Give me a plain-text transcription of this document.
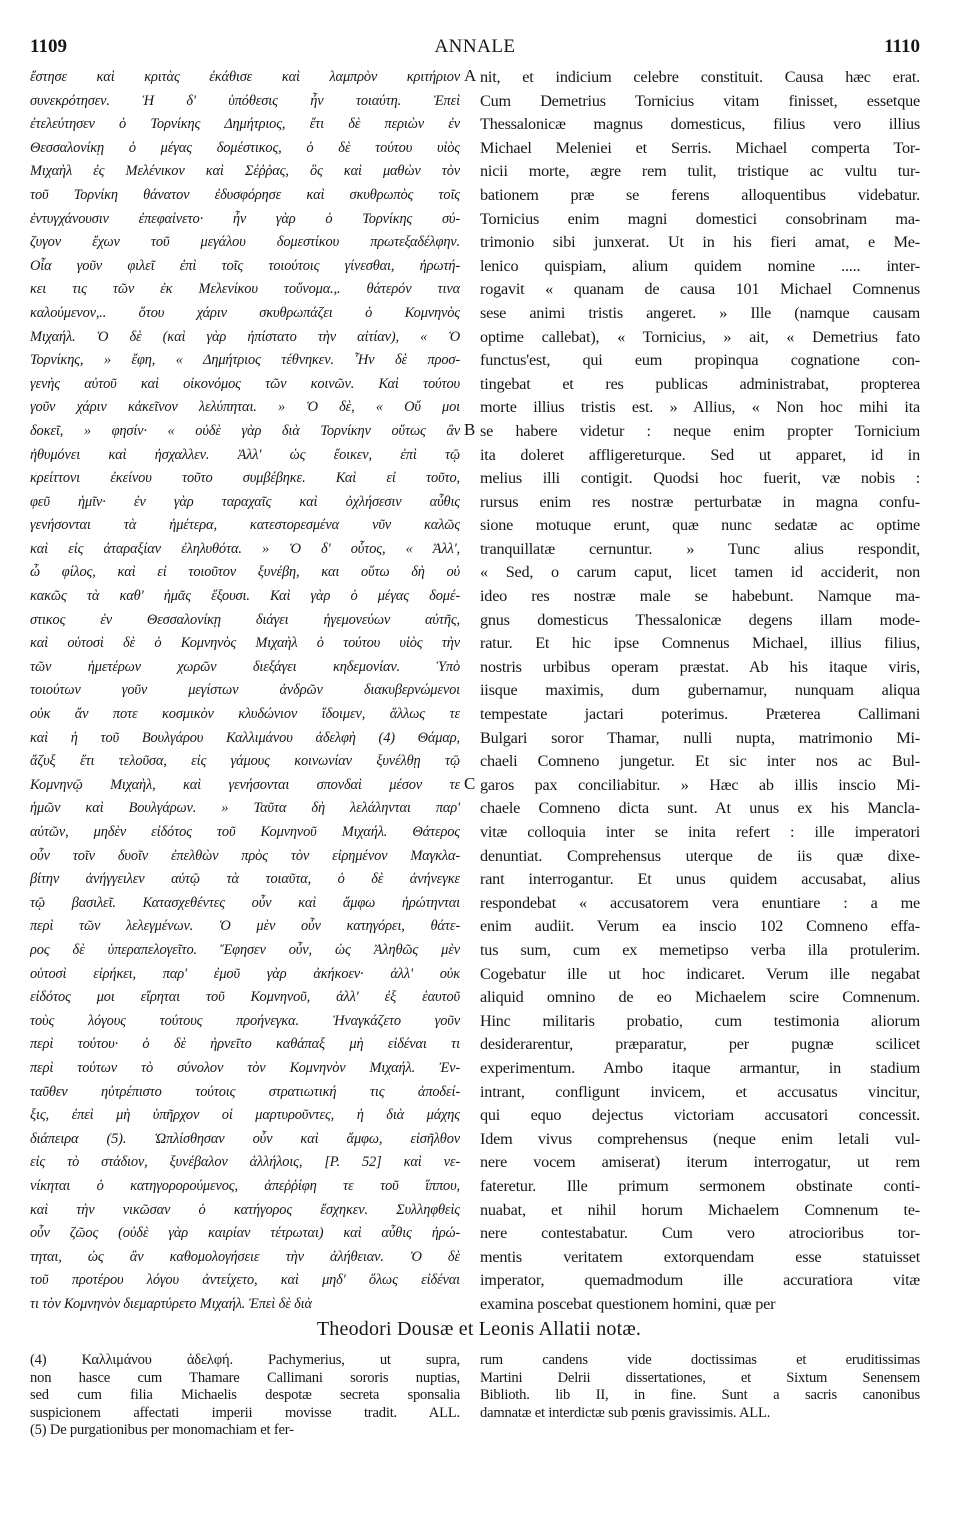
1109	ANNALE	1110
ἔστησε καὶ κριτὰς ἐκάθισε καὶ λαμπρὸν κριτήριον
συνεκρότησεν. Ἡ δ' ὑπόθεσις ἦν τοιαύτη. Ἐπεὶ
ἐτελεύτησεν ὁ Τορνίκης Δημήτριος, ἔτι δὲ περιὼν ἐν
Θεσσαλονίκῃ ὁ μέγας δομέστικος, ὁ δὲ τούτου υἱὸς
Μιχαὴλ ἐς Μελένικον καὶ Σέῤῥας, ὃς καὶ μαθὼν τὸν
τοῦ Τορνίκη θάνατον ἐδυσφόρησε καὶ σκυθρωπὸς τοῖς
ἐντυγχάνουσιν ἐπεφαίνετο· ἦν γὰρ ὁ Τορνίκης σύ-
ζυγον ἔχων τοῦ μεγάλου δομεστίκου πρωτεξαδέλφην.
Οἷα γοῦν φιλεῖ ἐπὶ τοῖς τοιούτοις γίνεσθαι, ἠρωτή-
κει τις τῶν ἐκ Μελενίκου τοὔνομα.,. θάτερόν τινα
καλούμενον,.. ὅτου χάριν σκυθρωπάζει ὁ Κομνηνὸς
Μιχαήλ. Ὁ δὲ (καὶ γὰρ ἠπίστατο τὴν αἰτίαν), « Ὁ
Τορνίκης, » ἔφη, « Δημήτριος τέθνηκεν. Ἦν δὲ προσ-
γενὴς αὐτοῦ καὶ οἰκονόμος τῶν κοινῶν. Καὶ τούτου
γοῦν χάριν κἀκεῖνον λελύπηται. » Ὁ δὲ, « Οὔ μοι
δοκεῖ, » φησίν· « οὐδὲ γὰρ διὰ Τορνίκην οὕτως ἂν
ἠθυμόνει καὶ ἠσχαλλεν. Ἀλλ' ὡς ἔοικεν, ἐπὶ τῷ
κρείττονι ἐκείνου τοῦτο συμβέβηκε. Καὶ εἰ τοῦτο,
φεῦ ἡμῖν· ἐν γὰρ ταραχαῖς καὶ ὀχλήσεσιν αὖθις
γενήσονται τὰ ἡμέτερα, κατεστορεσμένα νῦν καλῶς
καὶ εἰς ἀταραξίαν ἐληλυθότα. » Ὁ δ' οὗτος, « Ἀλλ',
ὦ φίλος, καὶ εἰ τοιοῦτον ξυνέβη, και οὕτω δὴ οὐ
κακῶς τὰ καθ' ἡμᾶς ἕξουσι. Καὶ γὰρ ὁ μέγας δομέ-
στικος ἐν Θεσσαλονίκῃ διάγει ἡγεμονεύων αὐτῆς,
καὶ οὑτοσὶ δὲ ὁ Κομνηνὸς Μιχαὴλ ὁ τούτου υἱὸς τὴν
τῶν ἡμετέρων χωρῶν διεξάγει κηδεμονίαν. Ὑπὸ
τοιούτων γοῦν μεγίστων ἀνδρῶν διακυβερνώμενοι
οὐκ ἄν ποτε κοσμικὸν κλυδώνιον ἴδοιμεν, ἄλλως τε
καὶ ἡ τοῦ Βουλγάρου Καλλιμάνου ἀδελφὴ (4) Θάμαρ,
ἄζυξ ἔτι τελοῦσα, εἰς γάμους κοινωνίαν ξυνέλθῃ τῷ
Κομνηνῷ Μιχαὴλ, καὶ γενήσονται σπονδαὶ μέσον τε
ἡμῶν καὶ Βουλγάρων. » Ταῦτα δὴ λελάληνται παρ'
αὐτῶν, μηδὲν εἰδότος τοῦ Κομνηνοῦ Μιχαήλ. Θάτερος
οὖν τοῖν δυοῖν ἐπελθὼν πρὸς τὸν εἰρημένον Μαγκλα-
βίτην ἀνήγγειλεν αὐτῷ τὰ τοιαῦτα, ὁ δὲ ἀνήνεγκε
τῷ βασιλεῖ. Κατασχεθέντες οὖν καὶ ἄμφω ἠρώτηνται
περὶ τῶν λελεγμένων. Ὁ μὲν οὖν κατηγόρει, θάτε-
ρος δὲ ὑπεραπελογεῖτο. Ἔφησεν οὖν, ὡς Ἀληθῶς μὲν
οὑτοσὶ εἰρήκει, παρ' ἐμοῦ γὰρ ἀκήκοεν· ἀλλ' οὐκ
εἰδότος μοι εἴρηται τοῦ Κομνηνοῦ, ἀλλ' ἐξ ἑαυτοῦ
τοὺς λόγους τούτους προήνεγκα. Ἠναγκάζετο γοῦν
περὶ τούτου· ὁ δὲ ἠρνεῖτο καθάπαξ μὴ εἰδέναι τι
περὶ τούτων τὸ σύνολον τὸν Κομνηνὸν Μιχαήλ. Ἐν-
ταῦθεν ηὐτρέπιστο τούτοις στρατιωτική τις ἀποδεί-
ξις, ἐπεὶ μὴ ὑπῆρχον οἱ μαρτυροῦντες, ἡ διὰ μάχης
διάπειρα (5). Ὡπλίσθησαν οὖν καὶ ἄμφω, εἰσῆλθον
εἰς τὸ στάδιον, ξυνέβαλον ἀλλήλοις, [P. 52] καὶ νε-
νίκηται ὁ κατηγορορούμενος, ἀπεῤῥίφη τε τοῦ ἵππου,
καὶ τὴν νικῶσαν ὁ κατήγορος ἔσχηκεν. Συλληφθεὶς
οὖν ζῶος (οὐδὲ γὰρ καιρίαν τέτρωται) καὶ αὖθις ἠρώ-
τηται, ὡς ἂν καθομολογήσειε τὴν ἀλήθειαν. Ὁ δὲ
τοῦ προτέρου λόγου ἀντείχετο, καὶ μηδ' ὅλως εἰδέναι
τι τὸν Κομνηνὸν διεμαρτύρετο Μιχαήλ. Ἐπεὶ δὲ διὰ
nit, et indicium celebre constituit. Causa hæc erat.
Cum Demetrius Tornicius vitam finisset, essetque
Thessalonicæ magnus domesticus, filius vero illius
Michael Meleniei et Serris. Michael comperta Tor-
nicii morte, ægre rem tulit, tristique ac vultu tur-
bationem præ se ferens alloquentibus videbatur.
Tornicius enim magni domestici consobrinam ma-
trimonio sibi junxerat. Ut in his fieri amat, e Me-
lenico quispiam, alium quidem nomine ..... inter-
rogavit « quanam de causa 101 Michael Comnenus
sese animi tristis angeret. » Ille (namque causam
optime callebat), « Tornicius, » ait, « Demetrius fato
functus'est, qui eum propinqua cognatione con-
tingebat et res publicas administrabat, propterea
morte illius tristis est. » Allius, « Non hoc mihi ita
se habere videtur : neque enim propter Tornicium
ita doleret affligereturque. Sed ut apparet, id in
melius illi contigit. Quodsi hoc fuerit, væ nobis :
rursus enim res nostræ perturbatæ in magna confu-
sione motuque erunt, quæ nunc sedatæ ac optime
tranquillatæ cernuntur. » Tunc alius respondit,
« Sed, o carum caput, licet tamen id acciderit, non
ideo res nostræ male se habebunt. Namque ma-
gnus domesticus Thessalonicæ degens illam mode-
ratur. Et hic ipse Comnenus Michael, illius filius,
nostris urbibus operam præstat. Ab his itaque viris,
iisque maximis, dum gubernamur, nunquam aliqua
tempestate jactari poterimus. Præterea Callimani
Bulgari soror Thamar, nulli nupta, matrimonio Mi-
chaeli Comneno jungetur. Et sic inter nos ac Bul-
garos pax conciliabitur. » Hæc ab illis inscio Mi-
chaele Comneno dicta sunt. At unus ex his Mancla-
vitæ colloquia inter se inita refert : ille imperatori
denuntiat. Comprehensus uterque de iis quæ dixe-
rant interrogantur. Et unus quidem accusabat, alius
respondebat « accusatorem vera enuntiare : a me
enim audiit. Verum ea inscio 102 Comneno effa-
tus sum, cum ex memetipso verba illa protulerim.
Cogebatur ille ut hoc indicaret. Verum ille negabat
aliquid omnino de eo Michaelem scire Comnenum.
Hinc militaris probatio, cum testimonia aliorum
desiderarentur, præparatur, per pugnæ scilicet
experimentum. Ambo itaque armantur, in stadium
intrant, confligunt invicem, et accusatus vincitur,
qui equo dejectus victoriam accusatori concessit.
Idem vivus comprehensus (neque enim letali vul-
nere vocem amiserat) iterum interrogatur, ut rem
fateretur. Ille primum sermonem obstinate conti-
nuabat, et nihil horum Michaelem Comnenum te-
nere contestabatur. Cum vero atrocioribus tor-
mentis veritatem extorquendam esse statuisset
imperator, quemadmodum ille accuratiora vitæ
examina poscebat questionem homini, quæ per
A
B
C
Theodori Dousæ et Leonis Allatii notæ.
(4) Καλλιμάνου ἀδελφή. Pachymerius, ut supra,
non hasce cum Thamare Callimani sororis nuptias,
sed cum filia Michaelis despotæ secreta sponsalia
suspicionem affectati imperii movisse tradit. ALL.
(5) De purgationibus per monomachiam et fer-
rum candens vide doctissimas et eruditissimas
Martini Delrii dissertationes, et Sixtum Senensem
Biblioth. lib II, in fine. Sunt a sacris canonibus
damnatæ et interdictæ sub pœnis gravissimis. ALL.
